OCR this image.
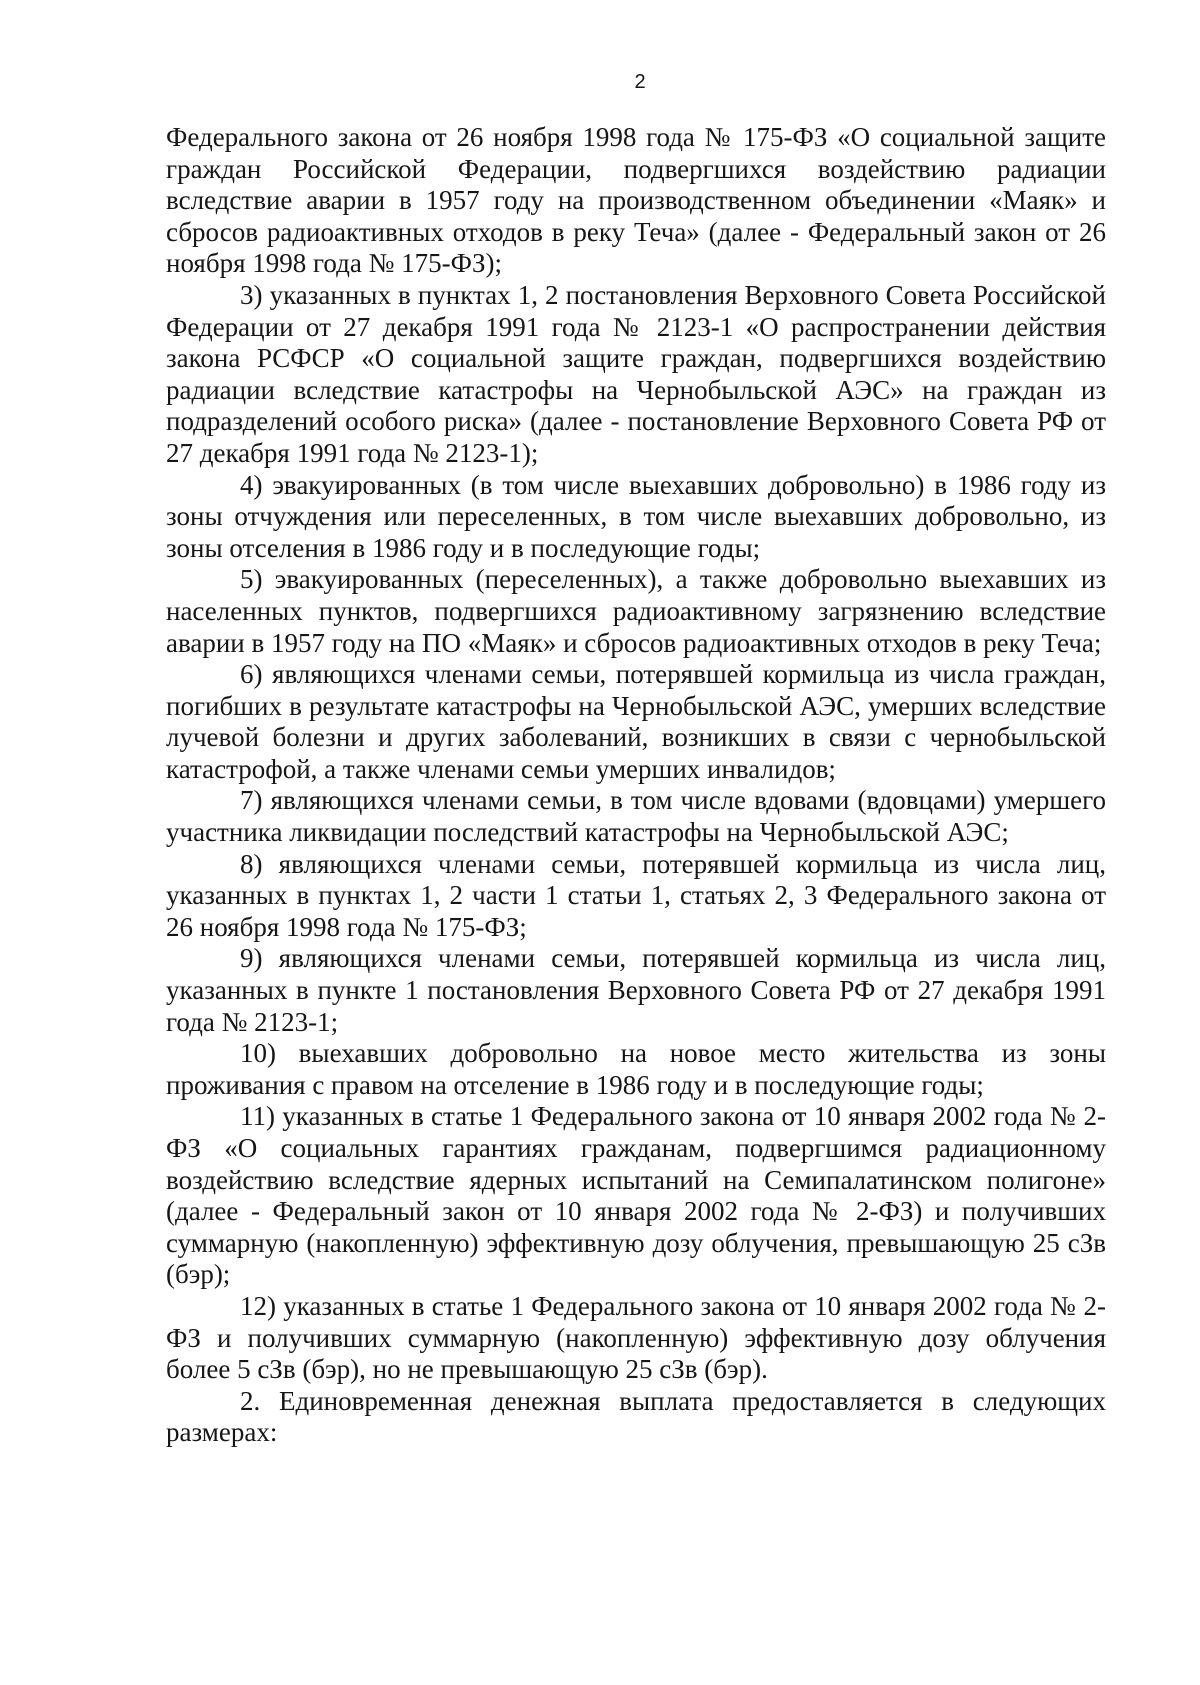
2

Федерального закона от 26 ноября 1998 года № 175-ФЗ «О социальной защите граждан Российской Федерации, подвергшихся воздействию радиации вследствие аварии в 1957 году на производственном объединении «Маяк» и сбросов радиоактивных отходов в реку Теча» (далее - Федеральный закон от 26 ноября 1998 года № 175-ФЗ);

3) указанных в пунктах 1, 2 постановления Верховного Совета Российской Федерации от 27 декабря 1991 года № 2123-1 «О распространении действия закона РСФСР «О социальной защите граждан, подвергшихся воздействию радиации вследствие катастрофы на Чернобыльской АЭС» на граждан из подразделений особого риска» (далее - постановление Верховного Совета РФ от 27 декабря 1991 года № 2123-1);

4) эвакуированных (в том числе выехавших добровольно) в 1986 году из зоны отчуждения или переселенных, в том числе выехавших добровольно, из зоны отселения в 1986 году и в последующие годы;

5) эвакуированных (переселенных), а также добровольно выехавших из населенных пунктов, подвергшихся радиоактивному загрязнению вследствие аварии в 1957 году на ПО «Маяк» и сбросов радиоактивных отходов в реку Теча;

6) являющихся членами семьи, потерявшей кормильца из числа граждан, погибших в результате катастрофы на Чернобыльской АЭС, умерших вследствие лучевой болезни и других заболеваний, возникших в связи с чернобыльской катастрофой, а также членами семьи умерших инвалидов;

7) являющихся членами семьи, в том числе вдовами (вдовцами) умершего участника ликвидации последствий катастрофы на Чернобыльской АЭС;

8) являющихся членами семьи, потерявшей кормильца из числа лиц, указанных в пунктах 1, 2 части 1 статьи 1, статьях 2, 3 Федерального закона от 26 ноября 1998 года № 175-ФЗ;

9) являющихся членами семьи, потерявшей кормильца из числа лиц, указанных в пункте 1 постановления Верховного Совета РФ от 27 декабря 1991 года № 2123-1;

10) выехавших добровольно на новое место жительства из зоны проживания с правом на отселение в 1986 году и в последующие годы;

11) указанных в статье 1 Федерального закона от 10 января 2002 года № 2-ФЗ «О социальных гарантиях гражданам, подвергшимся радиационному воздействию вследствие ядерных испытаний на Семипалатинском полигоне» (далее - Федеральный закон от 10 января 2002 года № 2-ФЗ) и получивших суммарную (накопленную) эффективную дозу облучения, превышающую 25 сЗв (бэр);

12) указанных в статье 1 Федерального закона от 10 января 2002 года № 2-ФЗ и получивших суммарную (накопленную) эффективную дозу облучения более 5 сЗв (бэр), но не превышающую 25 сЗв (бэр).

2. Единовременная денежная выплата предоставляется в следующих размерах:
